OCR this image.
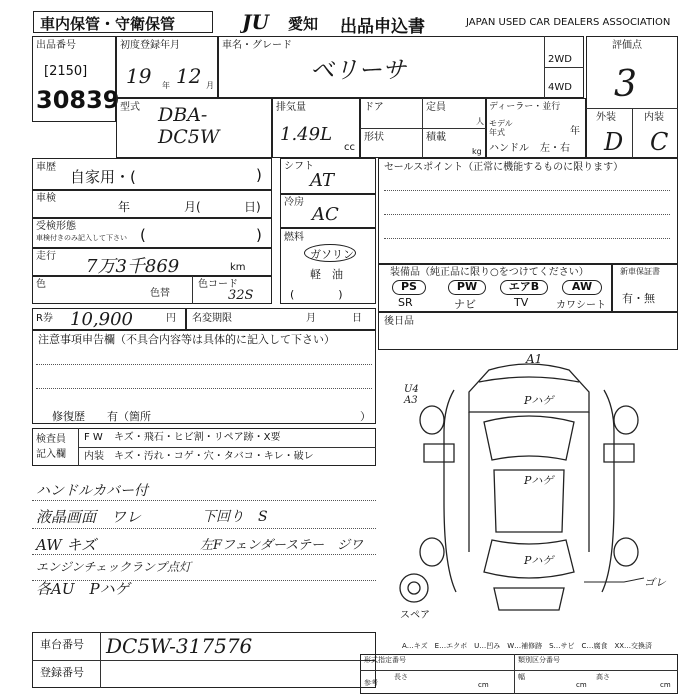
車内保管・守衛保管	JU 愛知 出品申込書	JAPAN USED CAR DEALERS ASSOCIATION
出品番号
[2150]
30839
初度登録年月
19 年 12 月
車名・グレード
ベリーサ	2WD
4WD
評価点
3
外装	内装
D C
型式 DBA-
DC5W
排気量
1.49L
cc
ドア	定員
人
形状	積載
kg
ディーラー・並行
モデル
年式	年
ハンドル 左・右
車歴
自家用・(	)
車検
年	月(	日)
受検形態
車検付きのみ記入して下さい (	)
走行 7万3千869	km
色
色替
色コード
32S
シフト
AT
冷房
AC
燃料
ガソリン
軽　油
(　　　　)
セールスポイント（正常に機能するものに限ります）
装備品（純正品に限り○をつけてください）
PS	PW	エアB	AW
SR	ナビ	TV	カワシート
新車保証書
有・無
R券 10,900	円 名変期限	月	日 後日品
注意事項申告欄（不具合内容等は具体的に記入して下さい）
修復歴　　有（箇所	）
検査員
記入欄
F W キズ・飛石・ヒビ割・リペア跡・X要
内装 キズ・汚れ・コゲ・穴・タバコ・キレ・破レ
ハンドルカバー付
液晶画面　ワレ	下回り　S
AW キズ	左Fフェンダーステー　ジワ
エンジンチェックランプ点灯
各AU　Pハゲ
A1
U4
A3	Pハゲ
Pハゲ
Pハゲ
ゴレ
スペア
A…キズ　E…エクボ　U…凹み　W…補修跡　S…サビ　C…腐食　XX…交換済
車台番号 DC5W-317576
登録番号
形式指定番号	類別区分番号
参考
長さ
cm
幅
cm
高さ
cm
